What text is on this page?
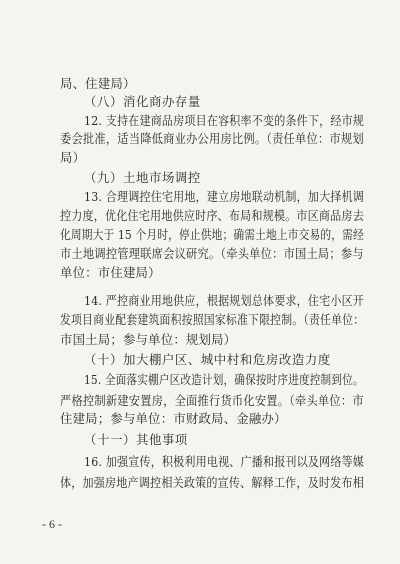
局、住建局）
（八）消化商办存量
12. 支持在建商品房项目在容积率不变的条件下，经市规
委会批准，适当降低商业办公用房比例。（责任单位：市规划
局）
（九）土地市场调控
13. 合理调控住宅用地，建立房地联动机制，加大择机调
控力度，优化住宅用地供应时序、布局和规模。市区商品房去
化周期大于 15 个月时，停止供地；确需土地上市交易的，需经
市土地调控管理联席会议研究。（牵头单位：市国土局；参与
单位：市住建局）
14. 严控商业用地供应，根据规划总体要求，住宅小区开
发项目商业配套建筑面积按照国家标准下限控制。（责任单位：
市国土局；参与单位：规划局）
（十）加大棚户区、城中村和危房改造力度
15. 全面落实棚户区改造计划，确保按时序进度控制到位。
严格控制新建安置房，全面推行货币化安置。（牵头单位：市
住建局；参与单位：市财政局、金融办）
（十一）其他事项
16. 加强宣传，积极利用电视、广播和报刊以及网络等媒
体，加强房地产调控相关政策的宣传、解释工作，及时发布相
- 6 -
